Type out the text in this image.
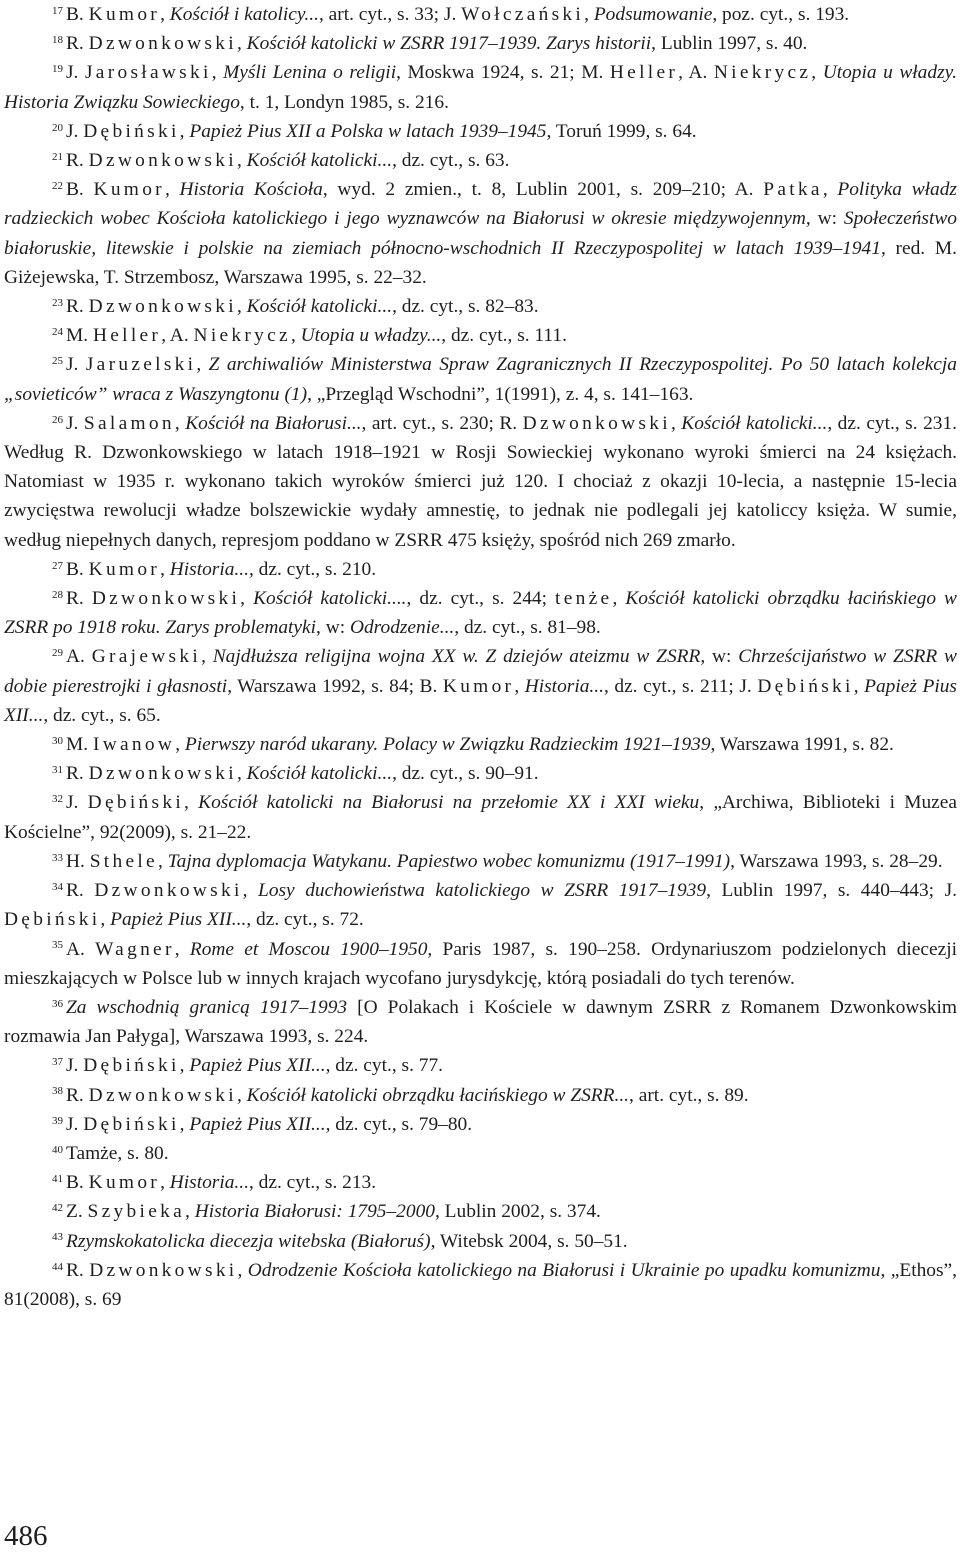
$^{17}$ B. Kumor, Kościół i katolicy..., art. cyt., s. 33; J. Wołczański, Podsumowanie, poz. cyt., s. 193.

$^{18}$ R. Dzwonkowski, Kościół katolicki w ZSRR 1917–1939. Zarys historii, Lublin 1997, s. 40.

$^{19}$ J. Jarosławski, Myśli Lenina o religii, Moskwa 1924, s. 21; M. Heller, A. Niekrycz, Utopia u władzy. Historia Związku Sowieckiego, t. 1, Londyn 1985, s. 216.

$^{20}$ J. Dębiński, Papież Pius XII a Polska w latach 1939–1945, Toruń 1999, s. 64.

$^{21}$ R. Dzwonkowski, Kościół katolicki..., dz. cyt., s. 63.

$^{22}$ B. Kumor, Historia Kościoła, wyd. 2 zmien., t. 8, Lublin 2001, s. 209–210; A. Patka, Polityka władz radzieckich wobec Kościoła katolickiego i jego wyznawców na Białorusi w okresie międzywojennym, w: Społeczeństwo białoruskie, litewskie i polskie na ziemiach północno-wschodnich II Rzeczypospolitej w latach 1939–1941, red. M. Giżejewska, T. Strzembosz, Warszawa 1995, s. 22–32.

$^{23}$ R. Dzwonkowski, Kościół katolicki..., dz. cyt., s. 82–83.

$^{24}$ M. Heller, A. Niekrycz, Utopia u władzy..., dz. cyt., s. 111.

$^{25}$ J. Jaruzelski, Z archiwaliów Ministerstwa Spraw Zagranicznych II Rzeczypospolitej. Po 50 latach kolekcja „sovieticów” wraca z Waszyngtonu (1), „Przegląd Wschodni”, 1(1991), z. 4, s. 141–163.

$^{26}$ J. Salamon, Kościół na Białorusi..., art. cyt., s. 230; R. Dzwonkowski, Kościół katolicki..., dz. cyt., s. 231. Według R. Dzwonkowskiego w latach 1918–1921 w Rosji Sowieckiej wykonano wyroki śmierci na 24 księżach. Natomiast w 1935 r. wykonano takich wyroków śmierci już 120. I chociaż z okazji 10-lecia, a następnie 15-lecia zwycięstwa rewolucji władze bolszewickie wydały amnestię, to jednak nie podlegali jej katoliccy księża. W sumie, według niepełnych danych, represjom poddano w ZSRR 475 księży, spośród nich 269 zmarło.

$^{27}$ B. Kumor, Historia..., dz. cyt., s. 210.

$^{28}$ R. Dzwonkowski, Kościół katolicki...., dz. cyt., s. 244; tenże, Kościół katolicki obrządku łacińskiego w ZSRR po 1918 roku. Zarys problematyki, w: Odrodzenie..., dz. cyt., s. 81–98.

$^{29}$ A. Grajewski, Najdłuższa religijna wojna XX w. Z dziejów ateizmu w ZSRR, w: Chrześcijaństwo w ZSRR w dobie pierestrojki i głasnosti, Warszawa 1992, s. 84; B. Kumor, Historia..., dz. cyt., s. 211; J. Dębiński, Papież Pius XII..., dz. cyt., s. 65.

$^{30}$ M. Iwanow, Pierwszy naród ukarany. Polacy w Związku Radzieckim 1921–1939, Warszawa 1991, s. 82.

$^{31}$ R. Dzwonkowski, Kościół katolicki..., dz. cyt., s. 90–91.

$^{32}$ J. Dębiński, Kościół katolicki na Białorusi na przełomie XX i XXI wieku, „Archiwa, Biblioteki i Muzea Kościelne”, 92(2009), s. 21–22.

$^{33}$ H. Sthele, Tajna dyplomacja Watykanu. Papiestwo wobec komunizmu (1917–1991), Warszawa 1993, s. 28–29.

$^{34}$ R. Dzwonkowski, Losy duchowieństwa katolickiego w ZSRR 1917–1939, Lublin 1997, s. 440–443; J. Dębiński, Papież Pius XII..., dz. cyt., s. 72.

$^{35}$ A. Wagner, Rome et Moscou 1900–1950, Paris 1987, s. 190–258. Ordynariuszom podzielonych diecezji mieszkających w Polsce lub w innych krajach wycofano jurysdykcję, którą posiadali do tych terenów.

$^{36}$ Za wschodnią granicą 1917–1993 [O Polakach i Kościele w dawnym ZSRR z Romanem Dzwonkowskim rozmawia Jan Pałyga], Warszawa 1993, s. 224.

$^{37}$ J. Dębiński, Papież Pius XII..., dz. cyt., s. 77.

$^{38}$ R. Dzwonkowski, Kościół katolicki obrządku łacińskiego w ZSRR..., art. cyt., s. 89.

$^{39}$ J. Dębiński, Papież Pius XII..., dz. cyt., s. 79–80.

$^{40}$ Tamże, s. 80.

$^{41}$ B. Kumor, Historia..., dz. cyt., s. 213.

$^{42}$ Z. Szybieka, Historia Białorusi: 1795–2000, Lublin 2002, s. 374.

$^{43}$ Rzymskokatolicka diecezja witebska (Białoruś), Witebsk 2004, s. 50–51.

$^{44}$ R. Dzwonkowski, Odrodzenie Kościoła katolickiego na Białorusi i Ukrainie po upadku komunizmu, „Ethos”, 81(2008), s. 69

486
